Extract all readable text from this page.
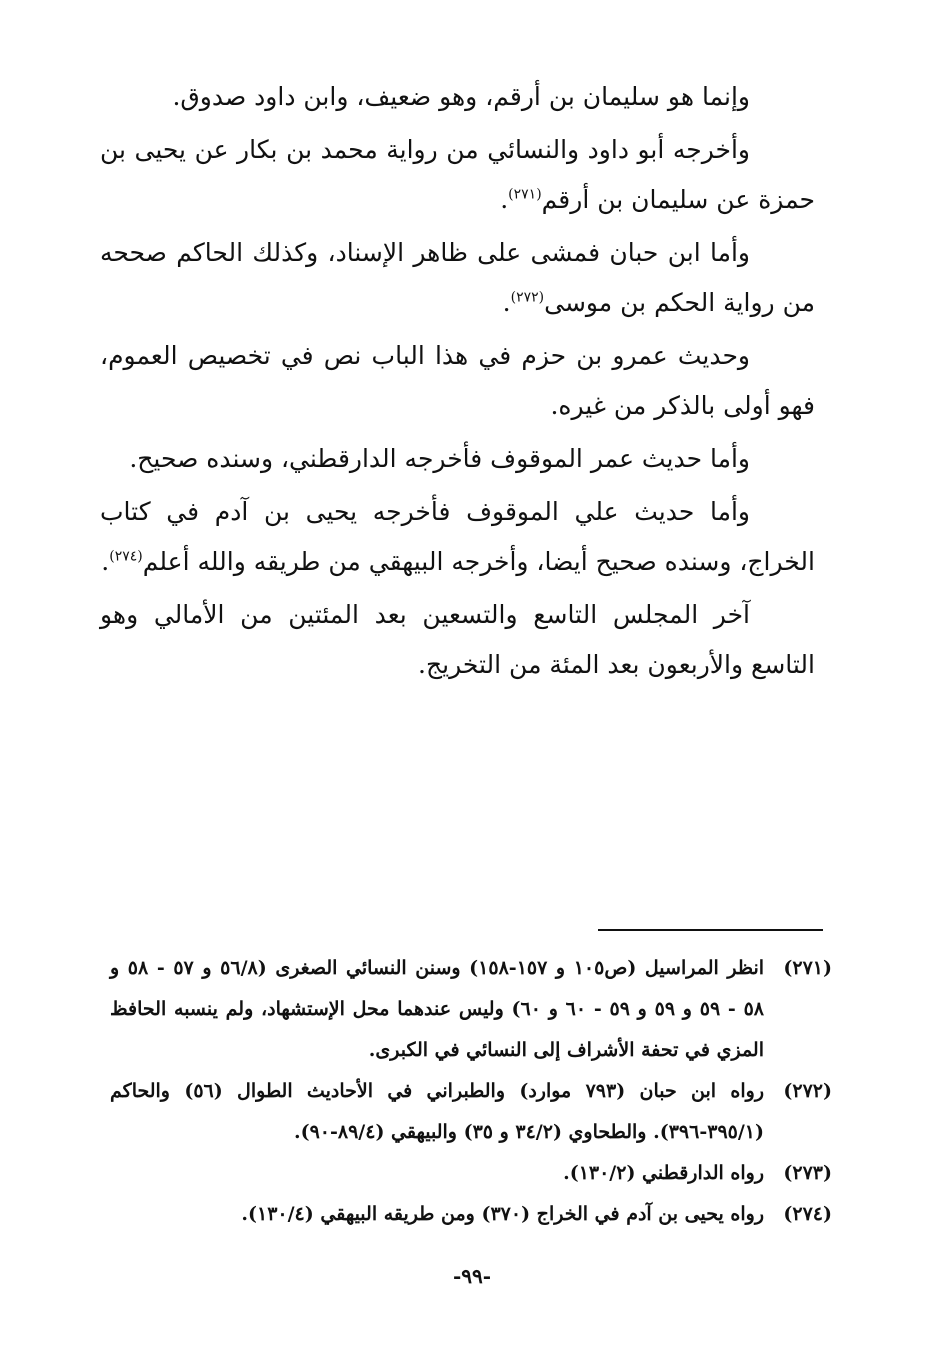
وإنما هو سليمان بن أرقم، وهو ضعيف، وابن داود صدوق.

وأخرجه أبو داود والنسائي من رواية محمد بن بكار عن يحيى بن حمزة عن سليمان بن أرقم$^{(٢٧١)}$.

وأما ابن حبان فمشى على ظاهر الإسناد، وكذلك الحاكم صححه من رواية الحكم بن موسى$^{(٢٧٢)}$.

وحديث عمرو بن حزم في هذا الباب نص في تخصيص العموم، فهو أولى بالذكر من غيره.

وأما حديث عمر الموقوف فأخرجه الدارقطني، وسنده صحيح.

وأما حديث علي الموقوف فأخرجه يحيى بن آدم في كتاب الخراج، وسنده صحيح أيضا، وأخرجه البيهقي من طريقه والله أعلم$^{(٢٧٤)}$.

آخر المجلس التاسع والتسعين بعد المئتين من الأمالي وهو التاسع والأربعون بعد المئة من التخريج.

(٢٧١)
انظر المراسيل (ص١٠٥ و ١٥٧-١٥٨) وسنن النسائي الصغرى (٥٦/٨ و ٥٧ - ٥٨ و ٥٨ - ٥٩ و ٥٩ و ٥٩ - ٦٠ و ٦٠) وليس عندهما محل الإستشهاد، ولم ينسبه الحافظ المزي في تحفة الأشراف إلى النسائي في الكبرى.

(٢٧٢)
رواه ابن حبان (٧٩٣ موارد) والطبراني في الأحاديث الطوال (٥٦) والحاكم (٣٩٥/١-٣٩٦). والطحاوي (٣٤/٢ و ٣٥) والبيهقي (٨٩/٤-٩٠).

(٢٧٣)
رواه الدارقطني (١٣٠/٢).

(٢٧٤)
رواه يحيى بن آدم في الخراج (٣٧٠) ومن طريقه البيهقي (١٣٠/٤).

-٩٩-
